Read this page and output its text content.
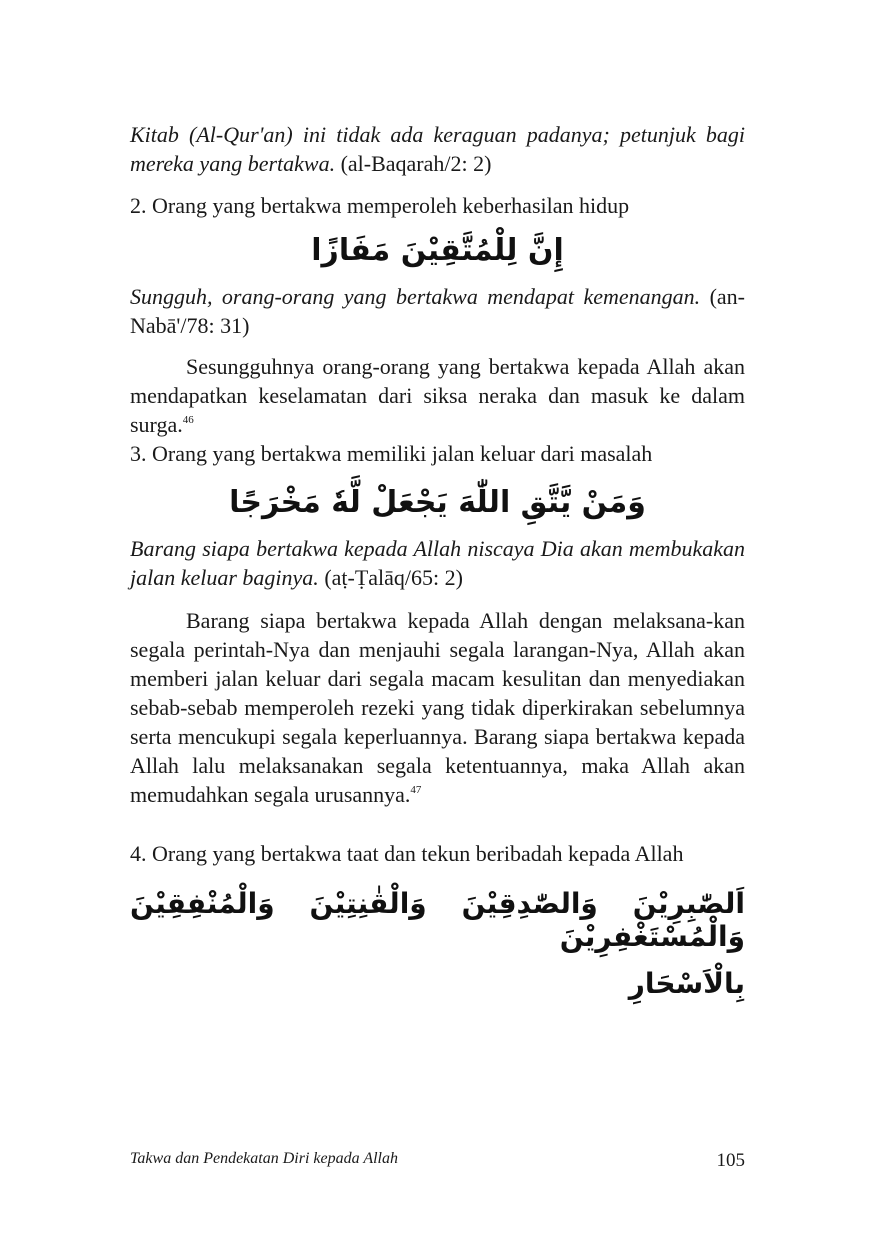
Kitab (Al-Qur'an) ini tidak ada keraguan padanya; petunjuk bagi

mereka yang bertakwa. (al-Baqarah/2: 2)

2. Orang yang bertakwa memperoleh keberhasilan hidup

إِنَّ لِلْمُتَّقِيْنَ مَفَازًا

Sungguh, orang-orang yang bertakwa mendapat kemenangan. (an-Nabā'/78: 31)

Sesungguhnya orang-orang yang bertakwa kepada Allah akan mendapatkan keselamatan dari siksa neraka dan masuk ke dalam surga.$^{46}$

3. Orang yang bertakwa memiliki jalan keluar dari masalah

وَمَنْ يَّتَّقِ اللّٰهَ يَجْعَلْ لَّهٗ مَخْرَجًا

Barang siapa bertakwa kepada Allah niscaya Dia akan membukakan jalan keluar baginya. (aṭ-Ṭalāq/65: 2)

Barang siapa bertakwa kepada Allah dengan melaksana-kan segala perintah-Nya dan menjauhi segala larangan-Nya, Allah akan memberi jalan keluar dari segala macam kesulitan dan menyediakan sebab-sebab memperoleh rezeki yang tidak diperkirakan sebelumnya serta mencukupi segala keperluannya. Barang siapa bertakwa kepada Allah lalu melaksanakan segala ketentuannya, maka Allah akan memudahkan segala urusannya.$^{47}$

4. Orang yang bertakwa taat dan tekun beribadah kepada Allah

اَلصّٰبِرِيْنَ وَالصّٰدِقِيْنَ وَالْقٰنِتِيْنَ وَالْمُنْفِقِيْنَ وَالْمُسْتَغْفِرِيْنَ
بِالْاَسْحَارِ
Takwa dan Pendekatan Diri kepada Allah	105
